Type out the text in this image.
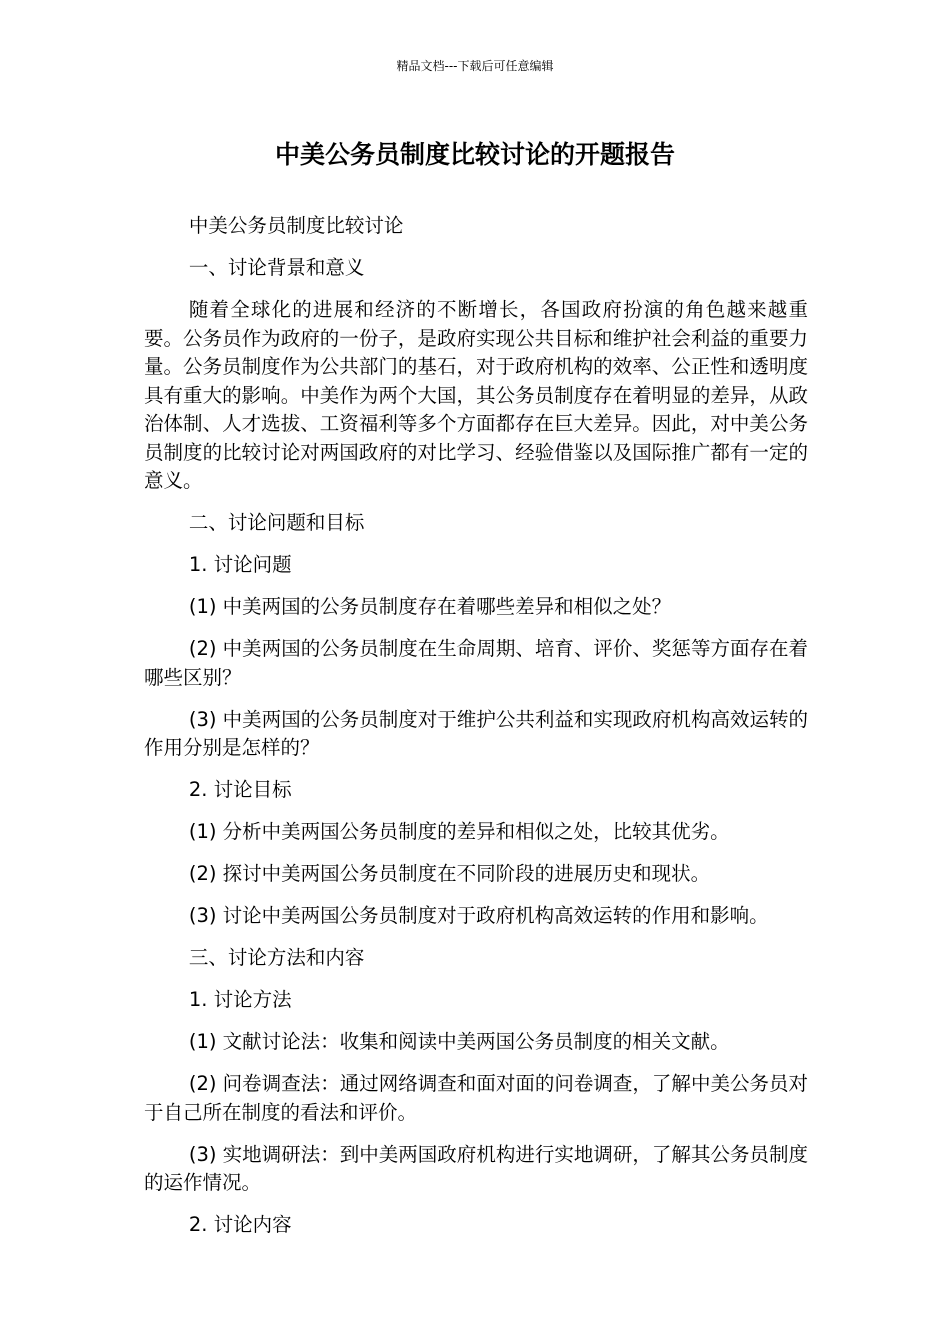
精品文档---下载后可任意编辑
中美公务员制度比较讨论的开题报告

中美公务员制度比较讨论

一、讨论背景和意义

随着全球化的进展和经济的不断增长，各国政府扮演的角色越来越重要。公务员作为政府的一份子，是政府实现公共目标和维护社会利益的重要力量。公务员制度作为公共部门的基石，对于政府机构的效率、公正性和透明度具有重大的影响。中美作为两个大国，其公务员制度存在着明显的差异，从政治体制、人才选拔、工资福利等多个方面都存在巨大差异。因此，对中美公务员制度的比较讨论对两国政府的对比学习、经验借鉴以及国际推广都有一定的意义。

二、讨论问题和目标

1. 讨论问题

(1) 中美两国的公务员制度存在着哪些差异和相似之处？

(2) 中美两国的公务员制度在生命周期、培育、评价、奖惩等方面存在着哪些区别？

(3) 中美两国的公务员制度对于维护公共利益和实现政府机构高效运转的作用分别是怎样的？

2. 讨论目标

(1) 分析中美两国公务员制度的差异和相似之处，比较其优劣。

(2) 探讨中美两国公务员制度在不同阶段的进展历史和现状。

(3) 讨论中美两国公务员制度对于政府机构高效运转的作用和影响。

三、讨论方法和内容

1. 讨论方法

(1) 文献讨论法：收集和阅读中美两国公务员制度的相关文献。

(2) 问卷调查法：通过网络调查和面对面的问卷调查，了解中美公务员对于自己所在制度的看法和评价。

(3) 实地调研法：到中美两国政府机构进行实地调研，了解其公务员制度的运作情况。

2. 讨论内容
